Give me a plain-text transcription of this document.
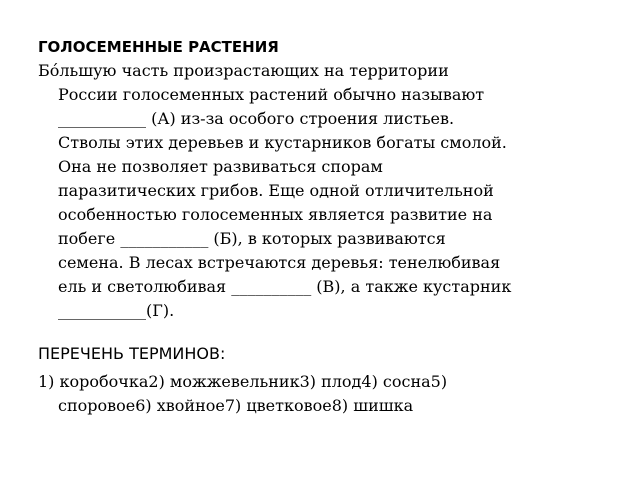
ГОЛОСЕМЕННЫЕ РАСТЕНИЯ
Бо́льшую часть произрастающих на территории
России голосеменных растений обычно называют
___________ (А) из-за особого строения листьев.
Стволы этих деревьев и кустарников богаты смолой.
Она не позволяет развиваться спорам
паразитических грибов. Еще одной отличительной
особенностью голосеменных является развитие на
побеге ___________ (Б), в которых развиваются
семена. В лесах встречаются деревья: тенелюбивая
ель и светолюбивая __________ (В), а также кустарник
___________(Г).
ПЕРЕЧЕНЬ ТЕРМИНОВ:
1) коробочка2) можжевельник3) плод4) сосна5)
споровое6) хвойное7) цветковое8) шишка
